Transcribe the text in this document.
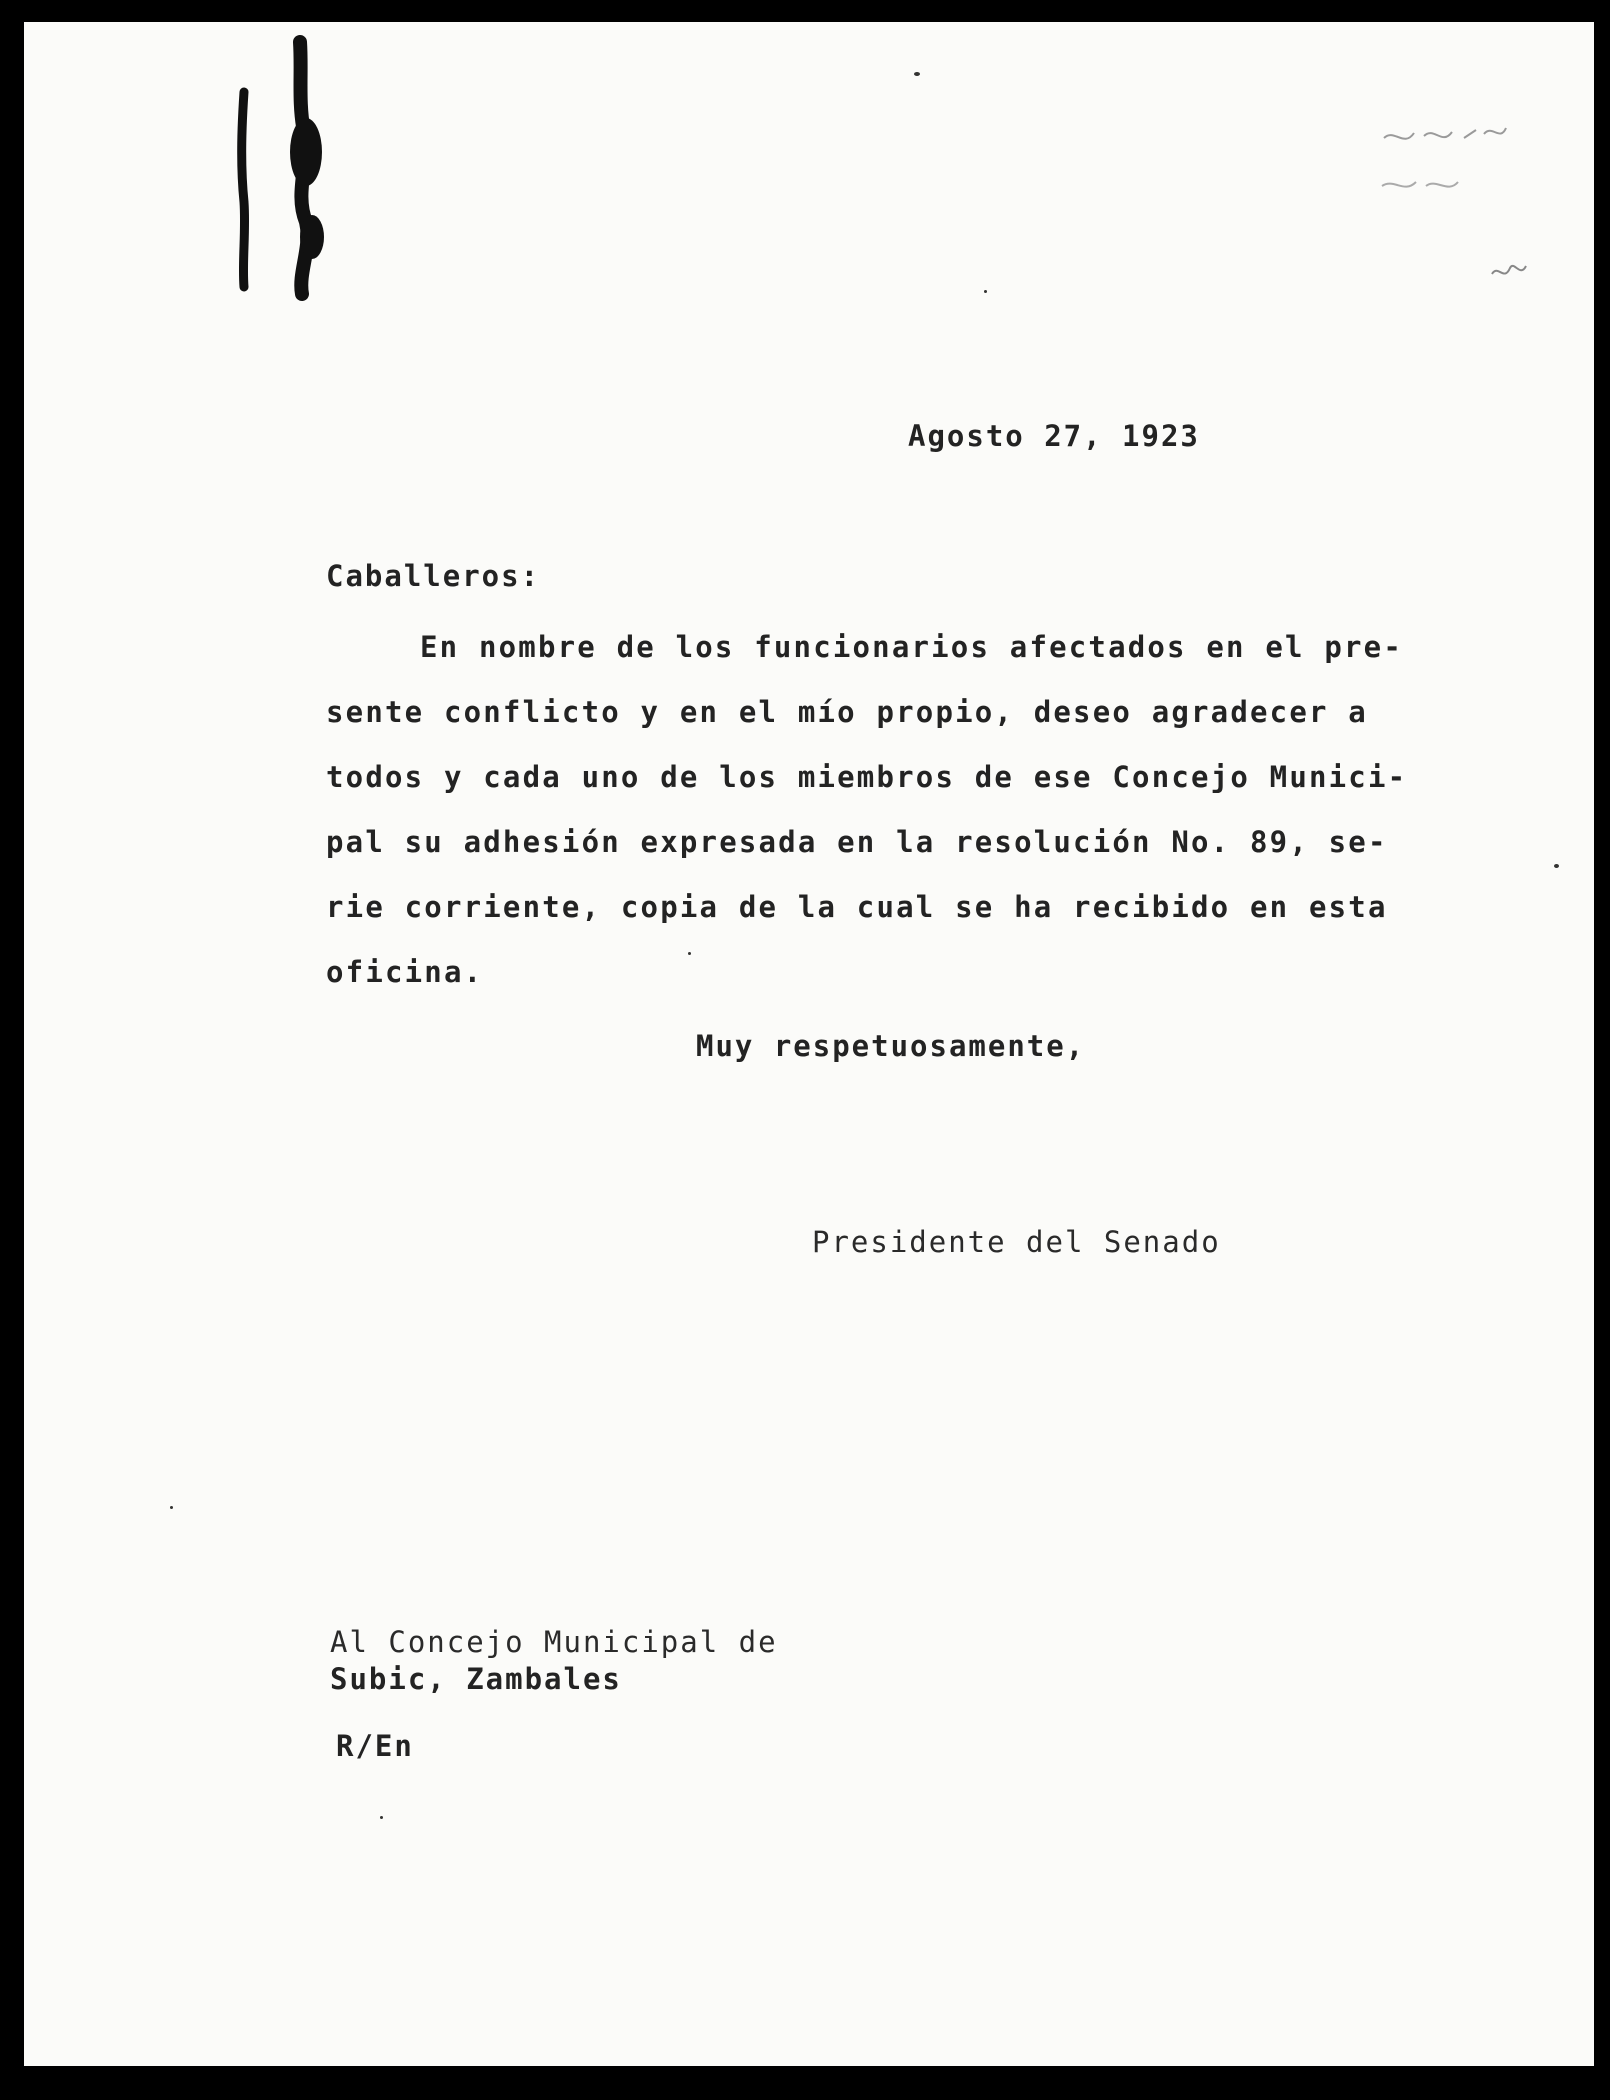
Agosto 27, 1923
Caballeros:
En nombre de los funcionarios afectados en el pre-
sente conflicto y en el mío propio, deseo agradecer a
todos y cada uno de los miembros de ese Concejo Munici-
pal su adhesión expresada en la resolución No. 89, se-
rie corriente, copia de la cual se ha recibido en esta
oficina.
Muy respetuosamente,
Presidente del Senado
Al Concejo Municipal de
Subic, Zambales
R/En
